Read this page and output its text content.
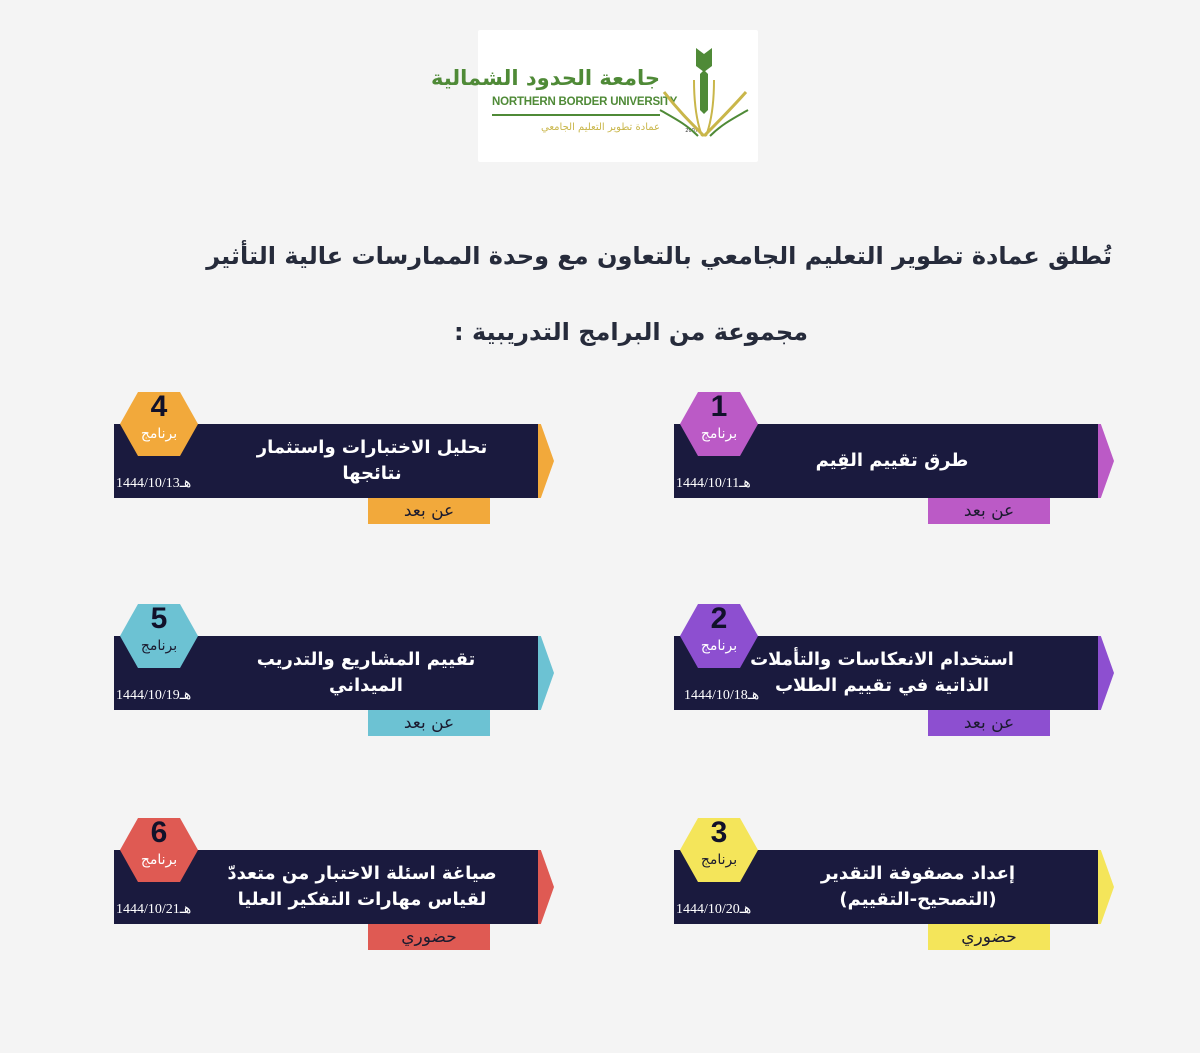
جامعة الحدود الشمالية
NORTHERN BORDER UNIVERSITY
عمادة تطوير التعليم الجامعي	2007
تُطلق عمادة تطوير التعليم الجامعي بالتعاون مع وحدة الممارسات عالية التأثير
مجموعة من البرامج التدريبية :
طرق تقييم القِيم
1444/10/11هـ
1
برنامج
عن بعد
استخدام الانعكاسات والتأملات الذاتية في تقييم الطلاب
1444/10/18هـ
2
برنامج
عن بعد
إعداد مصفوفة التقدير (التصحيح-التقييم)
1444/10/20هـ
3
برنامج
حضوري
تحليل الاختبارات واستثمار نتائجها
1444/10/13هـ
4
برنامج
عن بعد
تقييم المشاريع والتدريب الميداني
1444/10/19هـ
5
برنامج
عن بعد
صياغة اسئلة الاختبار من متعددّ لقياس مهارات التفكير العليا
1444/10/21هـ
6
برنامج
حضوري
